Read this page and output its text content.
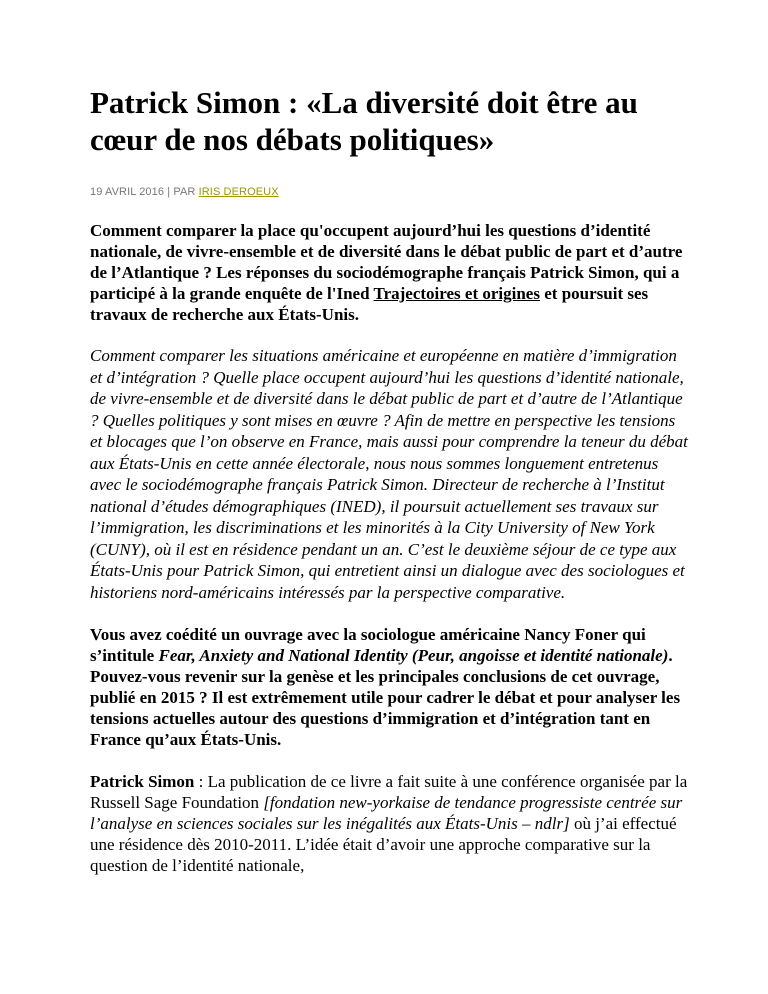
Patrick Simon : «La diversité doit être au cœur de nos débats politiques»
19 AVRIL 2016 | PAR IRIS DEROEUX

Comment comparer la place qu'occupent aujourd’hui les questions d’identité nationale, de vivre-ensemble et de diversité dans le débat public de part et d’autre de l’Atlantique ? Les réponses du sociodémographe français Patrick Simon, qui a participé à la grande enquête de l'Ined Trajectoires et origines et poursuit ses travaux de recherche aux États-Unis.

Comment comparer les situations américaine et européenne en matière d’immigration et d’intégration ? Quelle place occupent aujourd’hui les questions d’identité nationale, de vivre-ensemble et de diversité dans le débat public de part et d’autre de l’Atlantique ? Quelles politiques y sont mises en œuvre ? Afin de mettre en perspective les tensions et blocages que l’on observe en France, mais aussi pour comprendre la teneur du débat aux États-Unis en cette année électorale, nous nous sommes longuement entretenus avec le sociodémographe français Patrick Simon. Directeur de recherche à l’Institut national d’études démographiques (INED), il poursuit actuellement ses travaux sur l’immigration, les discriminations et les minorités à la City University of New York (CUNY), où il est en résidence pendant un an. C’est le deuxième séjour de ce type aux États-Unis pour Patrick Simon, qui entretient ainsi un dialogue avec des sociologues et historiens nord-américains intéressés par la perspective comparative.

Vous avez coédité un ouvrage avec la sociologue américaine Nancy Foner qui s’intitule Fear, Anxiety and National Identity (Peur, angoisse et identité nationale). Pouvez-vous revenir sur la genèse et les principales conclusions de cet ouvrage, publié en 2015 ? Il est extrêmement utile pour cadrer le débat et pour analyser les tensions actuelles autour des questions d’immigration et d’intégration tant en France qu’aux États-Unis.

Patrick Simon : La publication de ce livre a fait suite à une conférence organisée par la Russell Sage Foundation [fondation new-yorkaise de tendance progressiste centrée sur l’analyse en sciences sociales sur les inégalités aux États-Unis – ndlr] où j’ai effectué une résidence dès 2010-2011. L’idée était d’avoir une approche comparative sur la question de l’identité nationale,
